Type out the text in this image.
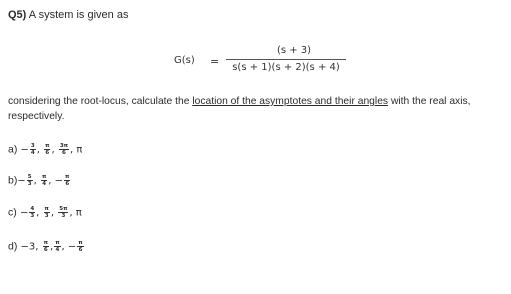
Q5) A system is given as
G(s) =
(s + 3)
s(s + 1)(s + 2)(s + 4)
considering the root-locus, calculate the location of the asymptotes and their angles with the real axis, respectively.
$a) - \frac{3}{4}$ , $\frac{\pi}{6}$ , $\frac{3\pi}{6}$ , π
$b)- \frac{5}{3}$ , $\frac{\pi}{4}$ , − $\frac{\pi}{6}$
$c) - \frac{4}{3}$ , $\frac{\pi}{3}$ , $\frac{5\pi}{3}$ , π
d) −3, $\frac{\pi}{6}$ , $\frac{\pi}{4}$ , − $\frac{\pi}{6}$
